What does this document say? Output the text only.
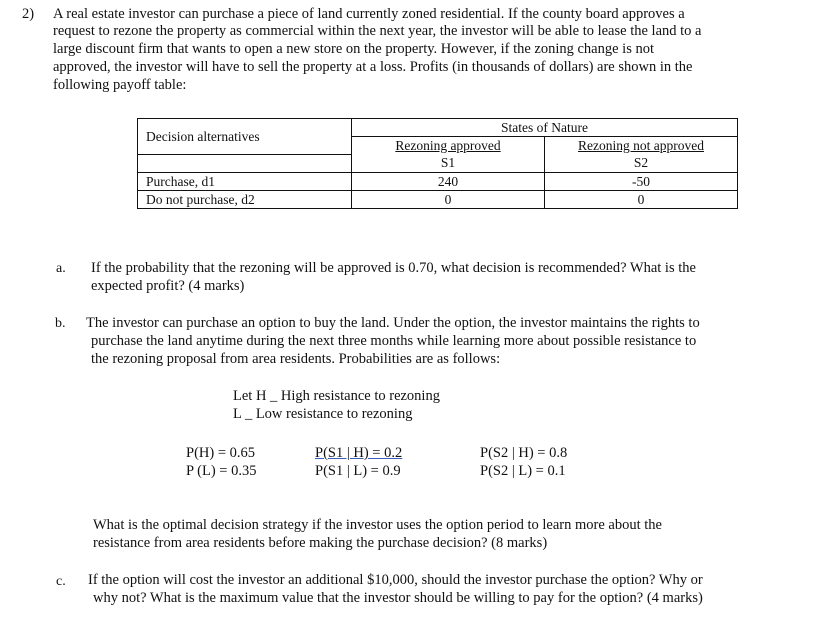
2) A real estate investor can purchase a piece of land currently zoned residential. If the county board approves a
request to rezone the property as commercial within the next year, the investor will be able to lease the land to a
large discount firm that wants to open a new store on the property. However, if the zoning change is not
approved, the investor will have to sell the property at a loss. Profits (in thousands of dollars) are shown in the
following payoff table:
Decision alternatives	States of Nature	
	Rezoning approved	Rezoning not approved
	S1	S2
Purchase, d1	240	-50
Do not purchase, d2	0	0
a. If the probability that the rezoning will be approved is 0.70, what decision is recommended? What is the
expected profit? (4 marks)
b. The investor can purchase an option to buy the land. Under the option, the investor maintains the rights to
purchase the land anytime during the next three months while learning more about possible resistance to
the rezoning proposal from area residents. Probabilities are as follows:
Let H _ High resistance to rezoning
L _ Low resistance to rezoning
P(H) = 0.65
P (L) = 0.35
P(S1 | H) = 0.2
P(S1 | L) = 0.9
P(S2 | H) = 0.8
P(S2 | L) = 0.1
What is the optimal decision strategy if the investor uses the option period to learn more about the
resistance from area residents before making the purchase decision? (8 marks)
c. If the option will cost the investor an additional $10,000, should the investor purchase the option? Why or
why not? What is the maximum value that the investor should be willing to pay for the option? (4 marks)
